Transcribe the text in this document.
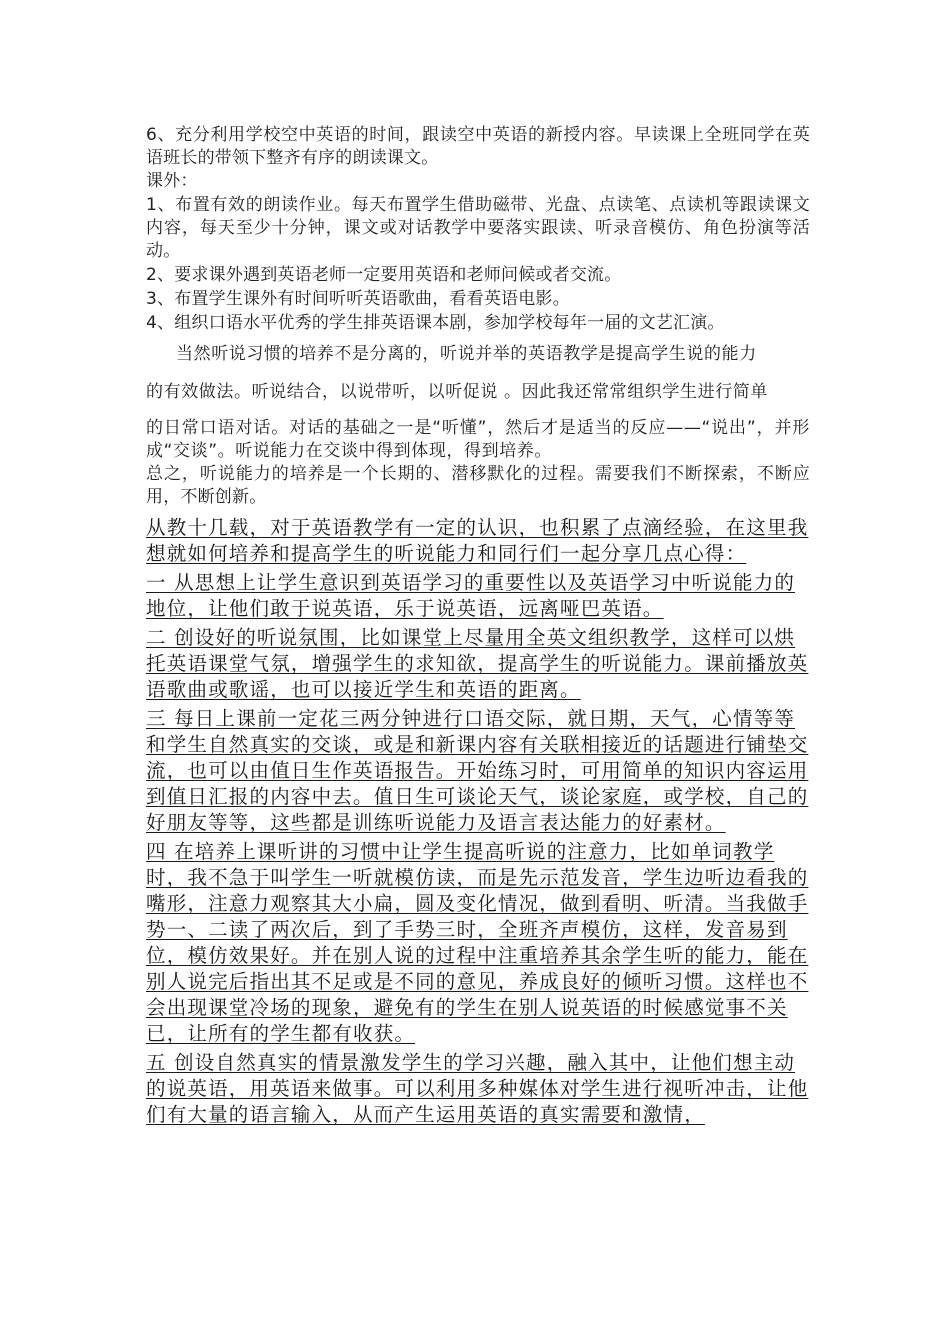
6、充分利用学校空中英语的时间，跟读空中英语的新授内容。早读课上全班同学在英语班长的带领下整齐有序的朗读课文。

课外：

1、布置有效的朗读作业。每天布置学生借助磁带、光盘、点读笔、点读机等跟读课文内容，每天至少十分钟，课文或对话教学中要落实跟读、听录音模仿、角色扮演等活动。

2、要求课外遇到英语老师一定要用英语和老师问候或者交流。

3、布置学生课外有时间听听英语歌曲，看看英语电影。

4、组织口语水平优秀的学生排英语课本剧，参加学校每年一届的文艺汇演。

当然听说习惯的培养不是分离的，听说并举的英语教学是提高学生说的能力

的有效做法。听说结合，以说带听，以听促说 。因此我还常常组织学生进行简单

的日常口语对话。对话的基础之一是“听懂”，然后才是适当的反应——“说出”，并形成“交谈”。听说能力在交谈中得到体现，得到培养。

总之，听说能力的培养是一个长期的、潜移默化的过程。需要我们不断探索，不断应用，不断创新。

从教十几载，对于英语教学有一定的认识，也积累了点滴经验，在这里我想就如何培养和提高学生的听说能力和同行们一起分享几点心得：

一 从思想上让学生意识到英语学习的重要性以及英语学习中听说能力的地位，让他们敢于说英语，乐于说英语，远离哑巴英语。

二 创设好的听说氛围，比如课堂上尽量用全英文组织教学，这样可以烘托英语课堂气氛，增强学生的求知欲，提高学生的听说能力。课前播放英语歌曲或歌谣，也可以接近学生和英语的距离。

三 每日上课前一定花三两分钟进行口语交际，就日期，天气，心情等等和学生自然真实的交谈，或是和新课内容有关联相接近的话题进行铺垫交流，也可以由值日生作英语报告。开始练习时，可用简单的知识内容运用到值日汇报的内容中去。值日生可谈论天气，谈论家庭，或学校，自己的好朋友等等，这些都是训练听说能力及语言表达能力的好素材。

四 在培养上课听讲的习惯中让学生提高听说的注意力，比如单词教学时，我不急于叫学生一听就模仿读，而是先示范发音，学生边听边看我的嘴形，注意力观察其大小扁，圆及变化情况，做到看明、听清。当我做手势一、二读了两次后，到了手势三时，全班齐声模仿，这样，发音易到位，模仿效果好。并在别人说的过程中注重培养其余学生听的能力，能在别人说完后指出其不足或是不同的意见，养成良好的倾听习惯。这样也不会出现课堂冷场的现象，避免有的学生在别人说英语的时候感觉事不关已，让所有的学生都有收获。

五 创设自然真实的情景激发学生的学习兴趣，融入其中，让他们想主动的说英语，用英语来做事。可以利用多种媒体对学生进行视听冲击，让他们有大量的语言输入，从而产生运用英语的真实需要和激情，
